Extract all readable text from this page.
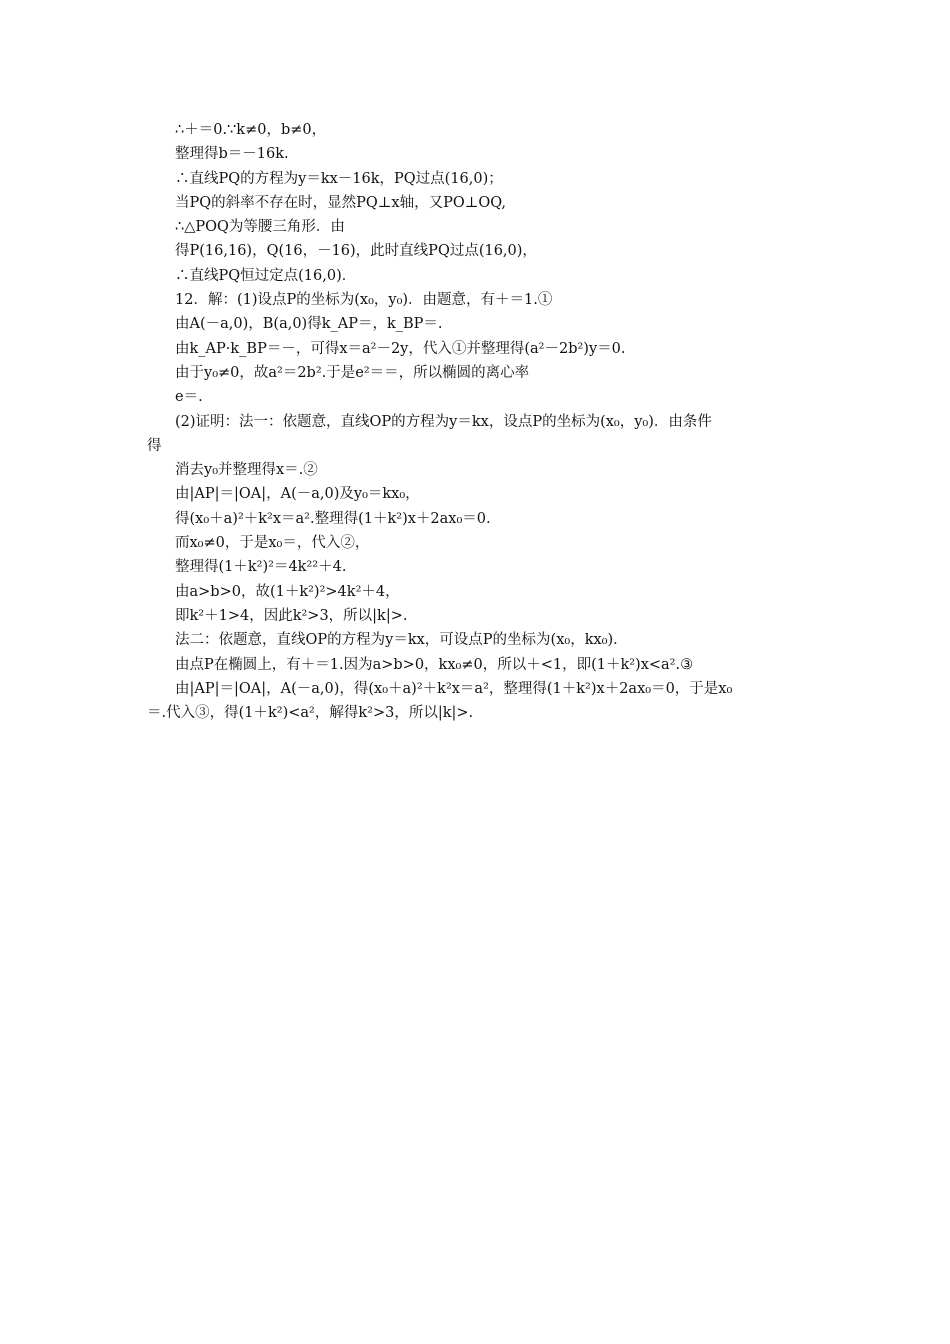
∴＋＝0.∵k≠0，b≠0，
整理得b＝－16k.
∴直线PQ的方程为y＝kx－16k，PQ过点(16,0)；
当PQ的斜率不存在时，显然PQ⊥x轴，又PO⊥OQ,
∴△POQ为等腰三角形．由
得P(16,16)，Q(16，－16)，此时直线PQ过点(16,0)，
∴直线PQ恒过定点(16,0)．
12．解：(1)设点P的坐标为(x₀，y₀)．由题意，有＋＝1.①
由A(－a,0)，B(a,0)得k_AP＝，k_BP＝.
由k_AP·k_BP＝－，可得x＝a²－2y，代入①并整理得(a²－2b²)y＝0.
由于y₀≠0，故a²＝2b².于是e²＝＝，所以椭圆的离心率
e＝.
(2)证明：法一：依题意，直线OP的方程为y＝kx，设点P的坐标为(x₀，y₀)．由条件
得
消去y₀并整理得x＝.②
由|AP|＝|OA|，A(－a,0)及y₀＝kx₀，
得(x₀＋a)²＋k²x＝a².整理得(1＋k²)x＋2ax₀＝0.
而x₀≠0，于是x₀＝，代入②，
整理得(1＋k²)²＝4k²²＋4.
由a>b>0，故(1＋k²)²>4k²＋4，
即k²＋1>4，因此k²>3，所以|k|>.
法二：依题意，直线OP的方程为y＝kx，可设点P的坐标为(x₀，kx₀)．
由点P在椭圆上，有＋＝1.因为a>b>0，kx₀≠0，所以＋<1，即(1＋k²)x<a².③
由|AP|＝|OA|，A(－a,0)，得(x₀＋a)²＋k²x＝a²，整理得(1＋k²)x＋2ax₀＝0，于是x₀
＝.代入③，得(1＋k²)<a²，解得k²>3，所以|k|>.
